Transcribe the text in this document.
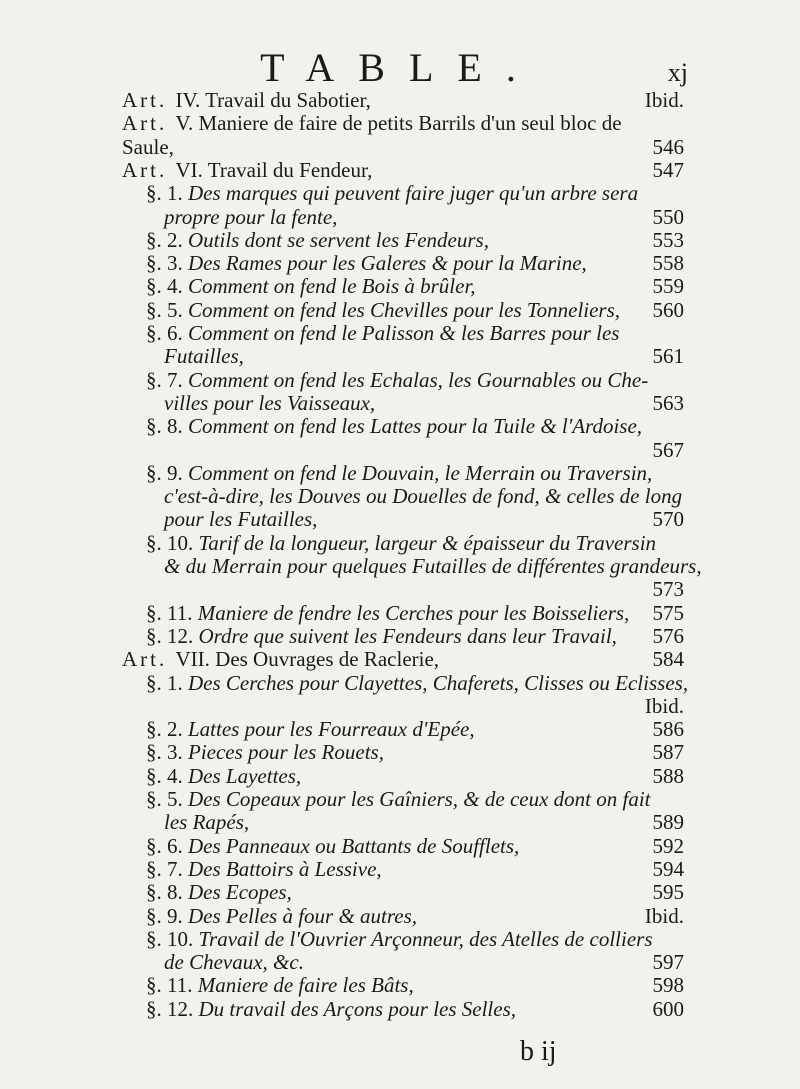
TABLE.	xj
Art. IV. Travail du Sabotier,	Ibid.
Art. V. Maniere de faire de petits Barrils d'un seul bloc de
Saule,	546
Art. VI. Travail du Fendeur,	547
§. 1. Des marques qui peuvent faire juger qu'un arbre sera
propre pour la fente,	550
§. 2. Outils dont se servent les Fendeurs,	553
§. 3. Des Rames pour les Galeres & pour la Marine,	558
§. 4. Comment on fend le Bois à brûler,	559
§. 5. Comment on fend les Chevilles pour les Tonneliers, 560
§. 6. Comment on fend le Palisson & les Barres pour les
Futailles,	561
§. 7. Comment on fend les Echalas, les Gournables ou Che-
villes pour les Vaisseaux,	563
§. 8. Comment on fend les Lattes pour la Tuile & l'Ardoise,
567
§. 9. Comment on fend le Douvain, le Merrain ou Traversin,
c'est-à-dire, les Douves ou Douelles de fond, & celles de long
pour les Futailles,	570
§. 10. Tarif de la longueur, largeur & épaisseur du Traversin
& du Merrain pour quelques Futailles de différentes grandeurs,
573
§. 11. Maniere de fendre les Cerches pour les Boisseliers, 575
§. 12. Ordre que suivent les Fendeurs dans leur Travail, 576
Art. VII. Des Ouvrages de Raclerie,	584
§. 1. Des Cerches pour Clayettes, Chaferets, Clisses ou Eclisses,
Ibid.
§. 2. Lattes pour les Fourreaux d'Epée,	586
§. 3. Pieces pour les Rouets,	587
§. 4. Des Layettes,	588
§. 5. Des Copeaux pour les Gaîniers, & de ceux dont on fait
les Rapés,	589
§. 6. Des Panneaux ou Battants de Soufflets,	592
§. 7. Des Battoirs à Lessive,	594
§. 8. Des Ecopes,	595
§. 9. Des Pelles à four & autres,	Ibid.
§. 10. Travail de l'Ouvrier Arçonneur, des Atelles de colliers
de Chevaux, &c.	597
§. 11. Maniere de faire les Bâts,	598
§. 12. Du travail des Arçons pour les Selles,	600
b ij
